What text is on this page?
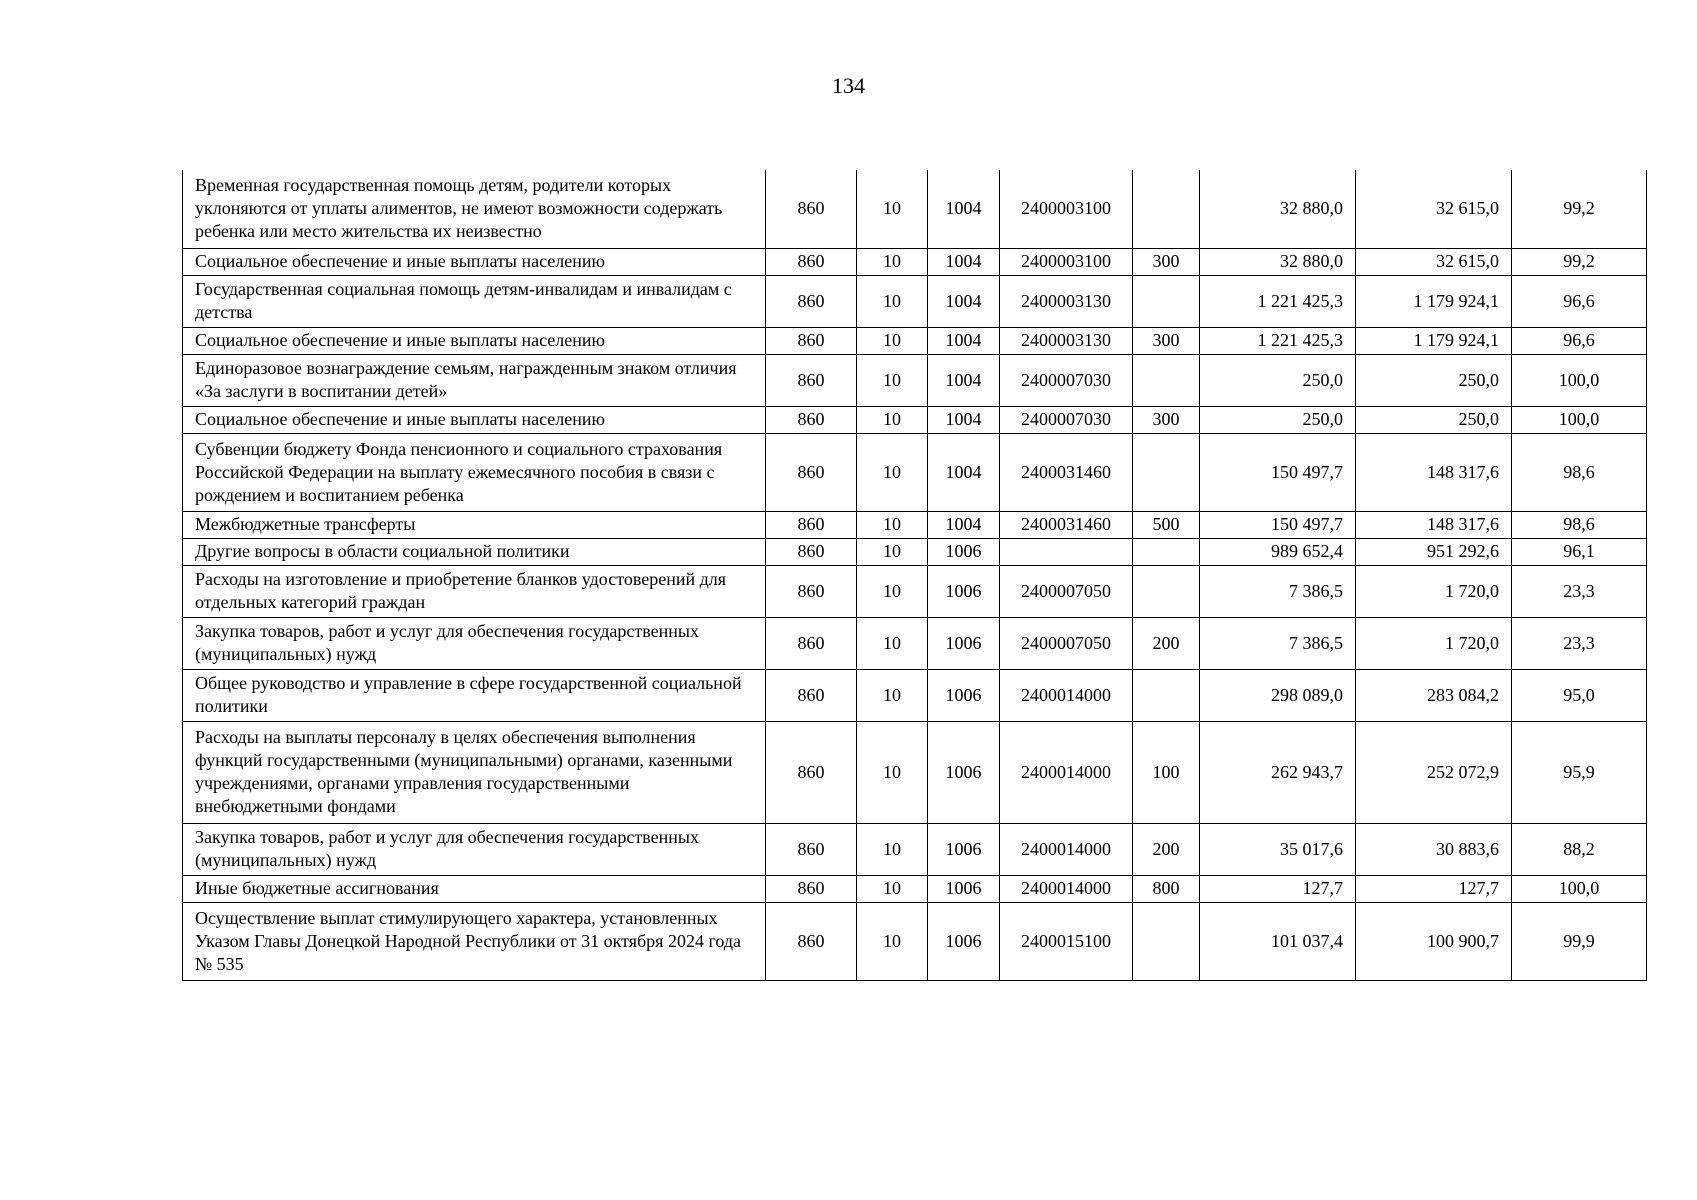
134
Временная государственная помощь детям, родители которых уклоняются от уплаты алиментов, не имеют возможности содержать ребенка или место жительства их неизвестно	860	10	1004	2400003100		32 880,0	32 615,0	99,2
Социальное обеспечение и иные выплаты населению	860	10	1004	2400003100	300	32 880,0	32 615,0	99,2
Государственная социальная помощь детям-инвалидам и инвалидам с детства	860	10	1004	2400003130		1 221 425,3	1 179 924,1	96,6
Социальное обеспечение и иные выплаты населению	860	10	1004	2400003130	300	1 221 425,3	1 179 924,1	96,6
Единоразовое вознаграждение семьям, награжденным знаком отличия «За заслуги в воспитании детей»	860	10	1004	2400007030		250,0	250,0	100,0
Социальное обеспечение и иные выплаты населению	860	10	1004	2400007030	300	250,0	250,0	100,0
Субвенции бюджету Фонда пенсионного и социального страхования Российской Федерации на выплату ежемесячного пособия в связи с рождением и воспитанием ребенка	860	10	1004	2400031460		150 497,7	148 317,6	98,6
Межбюджетные трансферты	860	10	1004	2400031460	500	150 497,7	148 317,6	98,6
Другие вопросы в области социальной политики	860	10	1006			989 652,4	951 292,6	96,1
Расходы на изготовление и приобретение бланков удостоверений для отдельных категорий граждан	860	10	1006	2400007050		7 386,5	1 720,0	23,3
Закупка товаров, работ и услуг для обеспечения государственных (муниципальных) нужд	860	10	1006	2400007050	200	7 386,5	1 720,0	23,3
Общее руководство и управление в сфере государственной социальной политики	860	10	1006	2400014000		298 089,0	283 084,2	95,0
Расходы на выплаты персоналу в целях обеспечения выполнения функций государственными (муниципальными) органами, казенными учреждениями, органами управления государственными внебюджетными фондами	860	10	1006	2400014000	100	262 943,7	252 072,9	95,9
Закупка товаров, работ и услуг для обеспечения государственных (муниципальных) нужд	860	10	1006	2400014000	200	35 017,6	30 883,6	88,2
Иные бюджетные ассигнования	860	10	1006	2400014000	800	127,7	127,7	100,0
Осуществление выплат стимулирующего характера, установленных Указом Главы Донецкой Народной Республики от 31 октября 2024 года № 535	860	10	1006	2400015100		101 037,4	100 900,7	99,9
